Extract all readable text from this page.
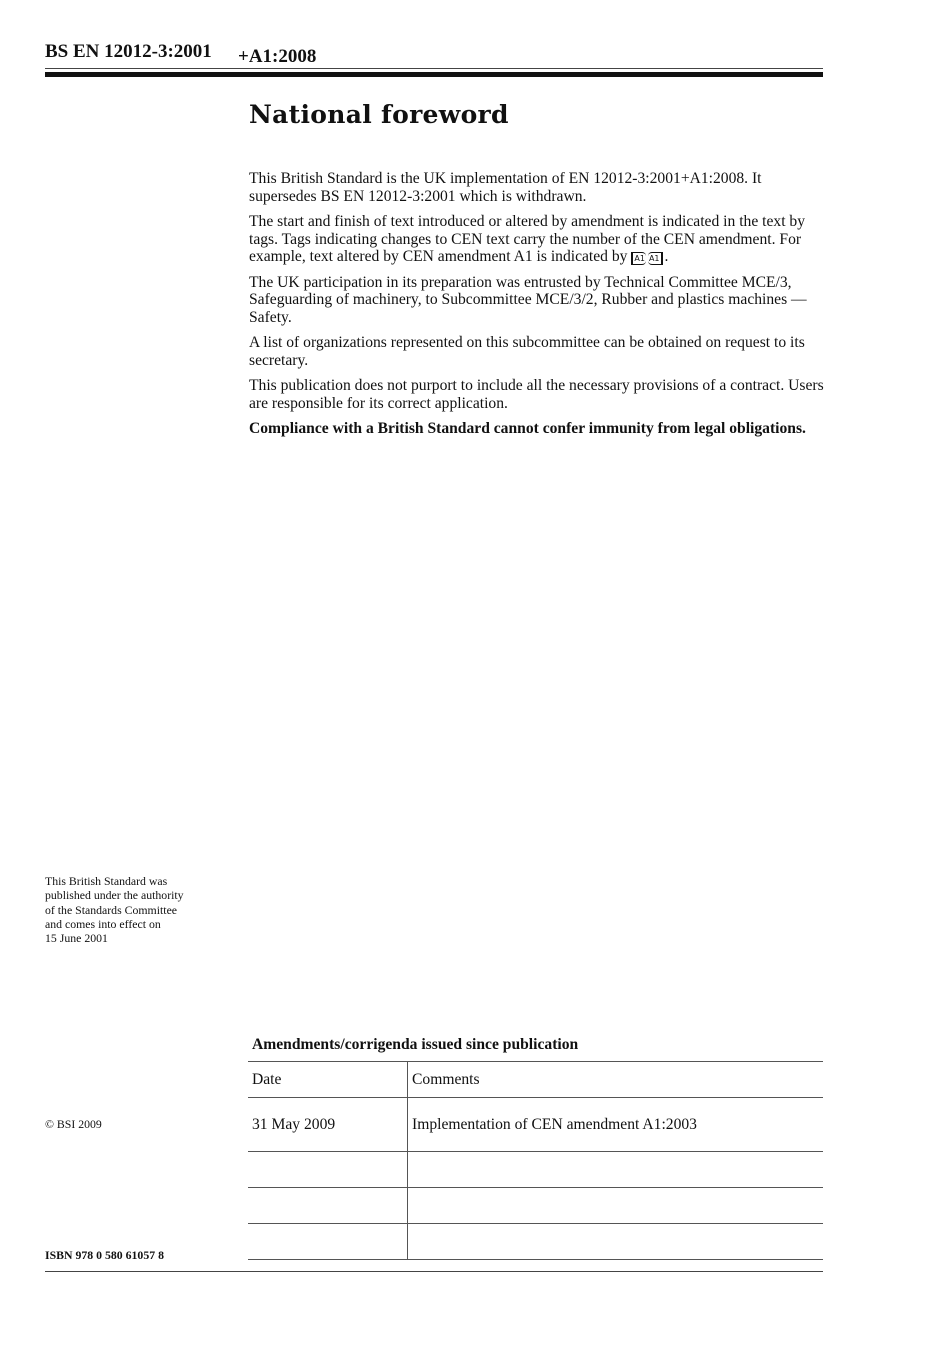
BS EN 12012-3:2001 +A1:2008
National foreword

This British Standard is the UK implementation of EN 12012-3:2001+A1:2008. It supersedes BS EN 12012-3:2001 which is withdrawn.

The start and finish of text introduced or altered by amendment is indicated in the text by tags. Tags indicating changes to CEN text carry the number of the CEN amendment. For example, text altered by CEN amendment A1 is indicated by A1 A1 .

The UK participation in its preparation was entrusted by Technical Committee MCE/3, Safeguarding of machinery, to Subcommittee MCE/3/2, Rubber and plastics machines — Safety.

A list of organizations represented on this subcommittee can be obtained on request to its secretary.

This publication does not purport to include all the necessary provisions of a contract. Users are responsible for its correct application.

Compliance with a British Standard cannot confer immunity from legal obligations.

This British Standard was
published under the authority
of the Standards Committee
and comes into effect on
15 June 2001
Amendments/corrigenda issued since publication
Date	Comments
31 May 2009	Implementation of CEN amendment A1:2003

© BSI 2009
ISBN 978 0 580 61057 8
